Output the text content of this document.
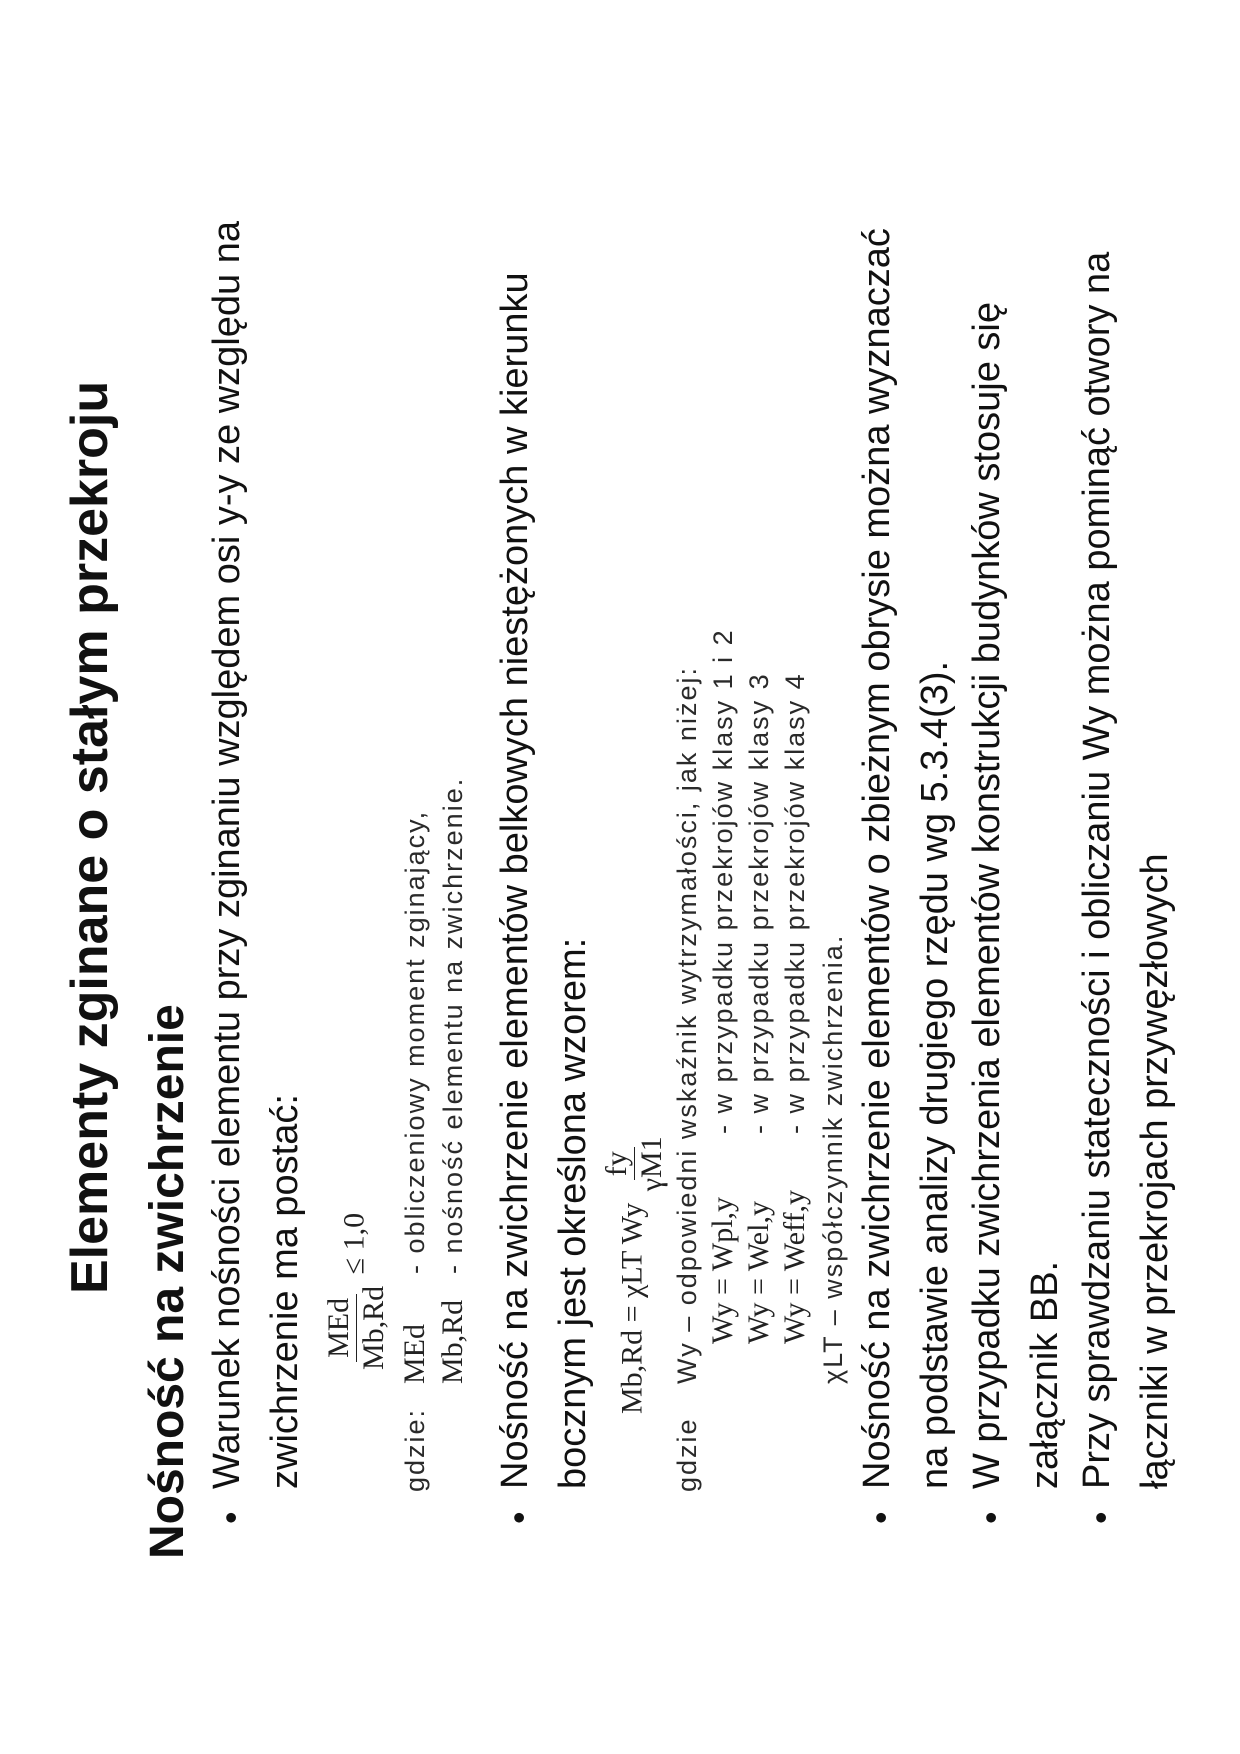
Elementy zginane o stałym przekroju Nośność na zwichrzenie •
Warunek nośności elementu przy zginaniu względem osi y-y ze względu na zwichrzenie ma postać: MEd Mb,Rd
≤ 1,0
gdzie:
MEd
- obliczeniowy moment zginający,
Mb,Rd
- nośność elementu na zwichrzenie.
•
Nośność na zwichrzenie elementów belkowych niestężonych w kierunku bocznym jest określona wzorem: Mb,Rd = χLT Wy
fy γM1
gdzie
Wy – odpowiedni wskaźnik wytrzymałości, jak niżej: Wy = Wpl,y
- w przypadku przekrojów klasy 1 i 2
Wy = Wel,y
- w przypadku przekrojów klasy 3
Wy = Weff,y
- w przypadku przekrojów klasy 4
χLT – współczynnik zwichrzenia.
•
Nośność na zwichrzenie elementów o zbieżnym obrysie można wyznaczać na podstawie analizy drugiego rzędu wg 5.3.4(3).
•
W przypadku zwichrzenia elementów konstrukcji budynków stosuje się załącznik BB.
•
Przy sprawdzaniu stateczności i obliczaniu Wy można pominąć otwory na łączniki w przekrojach przywęzłowych
